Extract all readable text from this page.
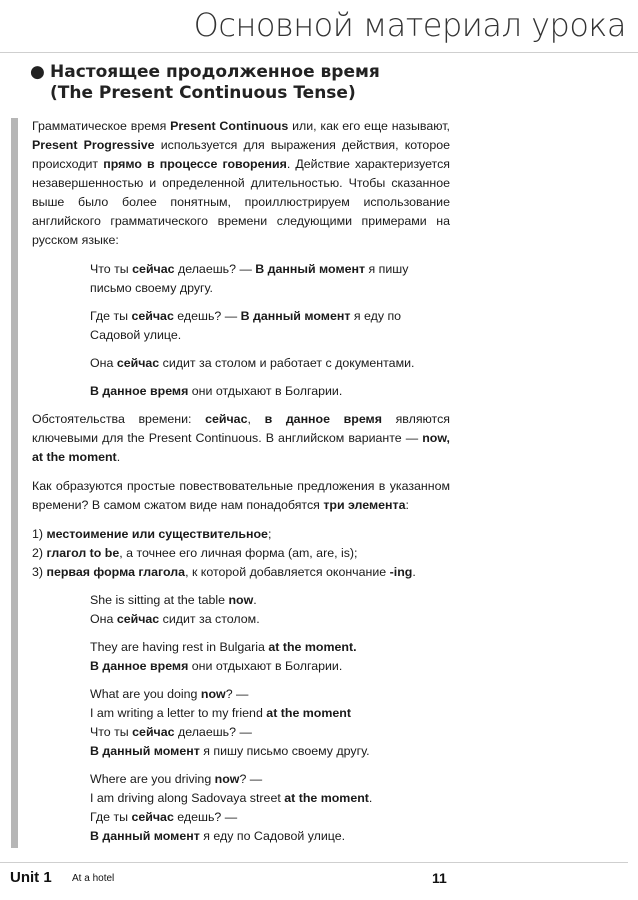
Основной материал урока
● Настоящее продолженное время
(The Present Continuous Tense)

Грамматическое время Present Continuous или, как его еще называют, Present Progressive используется для выражения действия, которое происходит прямо в процессе говорения. Действие характеризуется незавершенностью и определенной длительностью. Чтобы сказанное выше было более понятным, проиллюстрируем использование английского грамматического времени следующими примерами на русском языке:

Что ты сейчас делаешь? — В данный момент я пишу
письмо своему другу.
Где ты сейчас едешь? — В данный момент я еду по
Садовой улице.
Она сейчас сидит за столом и работает с документами.
В данное время они отдыхают в Болгарии.

Обстоятельства времени: сейчас, в данное время являются ключевыми для the Present Continuous. В английском варианте — now, at the moment.

Как образуются простые повествовательные предложения в указанном времени? В самом сжатом виде нам понадобятся три элемента:

1) местоимение или существительное;
2) глагол to be, а точнее его личная форма (am, are, is);
3) первая форма глагола, к которой добавляется окончание -ing.
She is sitting at the table now.
Она сейчас сидит за столом.
They are having rest in Bulgaria at the moment.
В данное время они отдыхают в Болгарии.
What are you doing now? —
I am writing a letter to my friend at the moment
Что ты сейчас делаешь? —
В данный момент я пишу письмо своему другу.
Where are you driving now? —
I am driving along Sadovaya street at the moment.
Где ты сейчас едешь? —
В данный момент я еду по Садовой улице.
Unit 1 At a hotel	11
